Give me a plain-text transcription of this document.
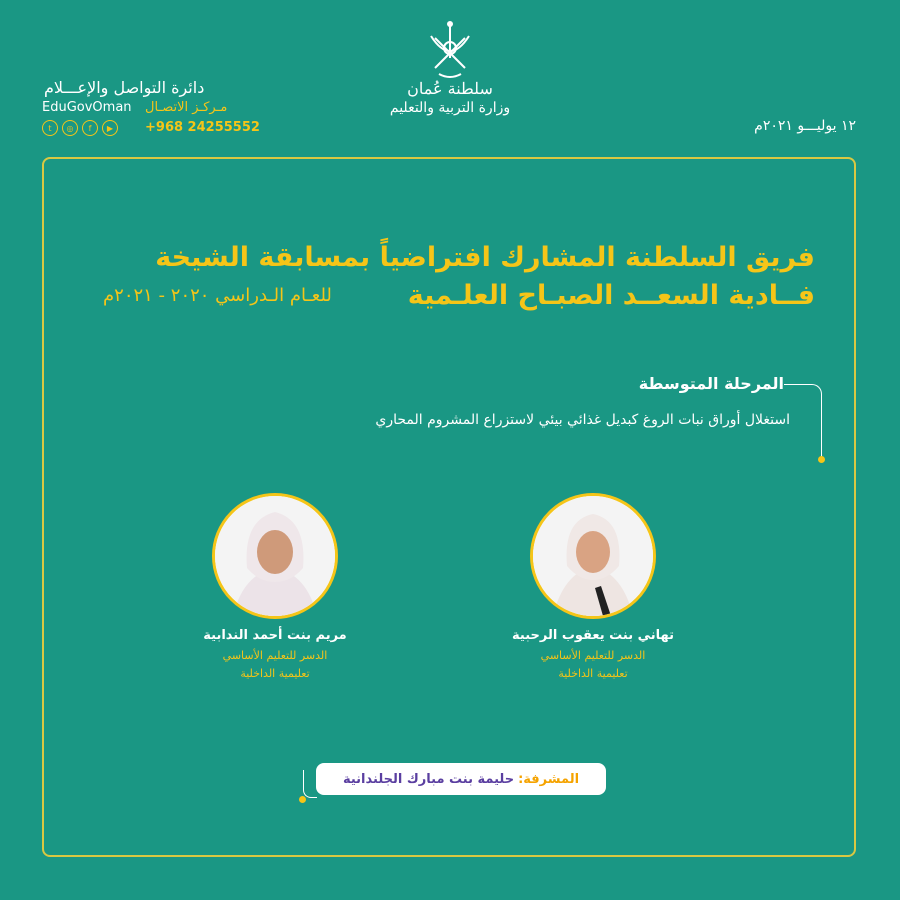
دائرة التواصل والإعـــلام
EduGovOman مـركـز الاتصـال
+968 24255552
t	◎	f	▶
سلطنة عُمان
وزارة التربية والتعليم
١٢ يوليـــو ٢٠٢١م
فريق السلطنة المشارك افتراضياً بمسابقة الشيخة
فــادية السعــد الصبـاح العلـمية
للعـام الـدراسي ٢٠٢٠ - ٢٠٢١م
المرحلة المتوسطة
استغلال أوراق نبات الروغ كبديل غذائي بيئي لاستزراع المشروم المحاري
تهاني بنت يعقوب الرحبية
الدسر للتعليم الأساسي
تعليمية الداخلية
مريم بنت أحمد الندابية
الدسر للتعليم الأساسي
تعليمية الداخلية
المشرفة:
حليمة بنت مبارك الجلندانية
